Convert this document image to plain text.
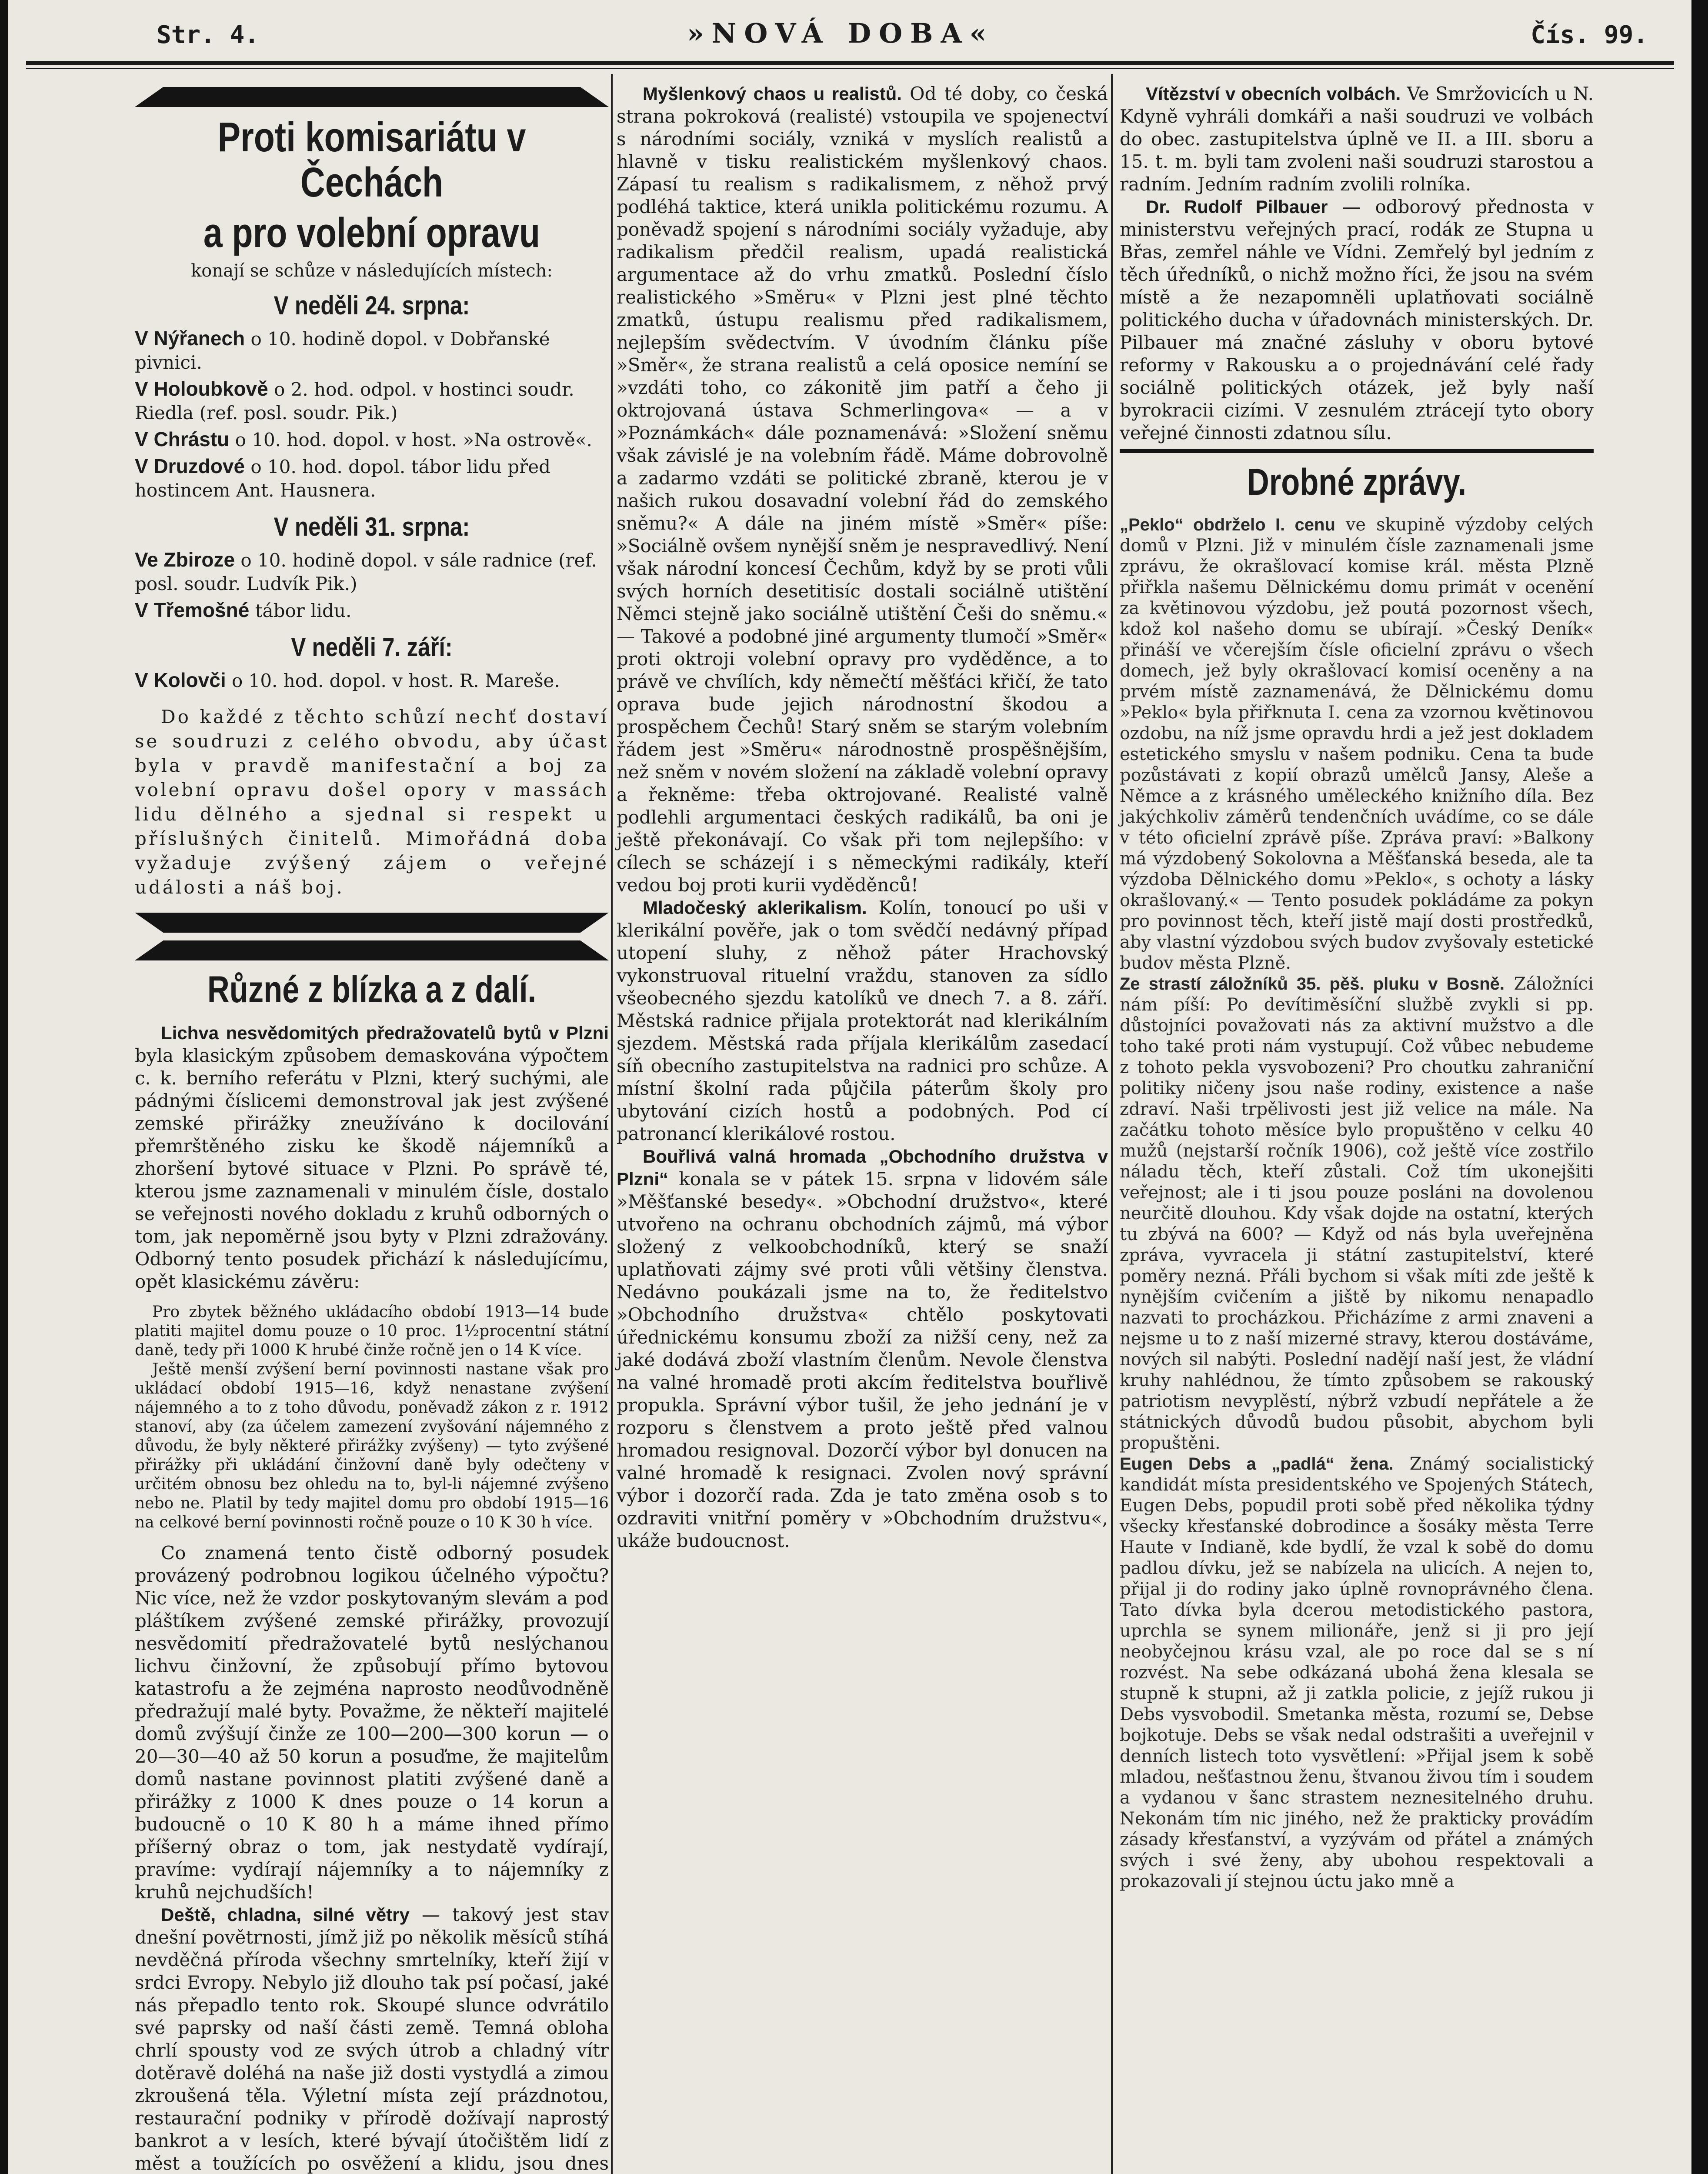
Str. 4.	»NOVÁ DOBA«	Čís. 99.
Proti komisariátu v Čechách
a pro volební opravu
konají se schůze v následujících místech:
V neděli 24. srpna:

V Nýřanech o 10. hodině dopol. v Dobřanské pivnici.

V Holoubkově o 2. hod. odpol. v hostinci soudr. Riedla (ref. posl. soudr. Pik.)

V Chrástu o 10. hod. dopol. v host. »Na ostrově«.

V Druzdové o 10. hod. dopol. tábor lidu před hostincem Ant. Hausnera.

V neděli 31. srpna:

Ve Zbiroze o 10. hodině dopol. v sále radnice (ref. posl. soudr. Ludvík Pik.)

V Třemošné tábor lidu.

V neděli 7. září:

V Kolovči o 10. hod. dopol. v host. R. Mareše.

Do každé z těchto schůzí nechť dostaví se soudruzi z celého obvodu, aby účast byla v pravdě manifestační a boj za volební opravu došel opory v massách lidu dělného a sjednal si respekt u příslušných činitelů. Mimořádná doba vyžaduje zvýšený zájem o veřejné události a náš boj.

Různé z blízka a z dalí.

Lichva nesvědomitých předražovatelů bytů v Plzni byla klasickým způsobem demaskována výpočtem c. k. berního referátu v Plzni, který suchými, ale pádnými číslicemi demonstroval jak jest zvýšené zemské přirážky zneužíváno k docilování přemrštěného zisku ke škodě nájemníků a zhoršení bytové situace v Plzni. Po správě té, kterou jsme zaznamenali v minulém čísle, dostalo se veřejnosti nového dokladu z kruhů odborných o tom, jak nepoměrně jsou byty v Plzni zdražovány. Odborný tento posudek přichází k následujícímu, opět klasickému závěru:

Pro zbytek běžného ukládacího období 1913—14 bude platiti majitel domu pouze o 10 proc. 1½procentní státní daně, tedy při 1000 K hrubé činže ročně jen o 14 K více.

Ještě menší zvýšení berní povinnosti nastane však pro ukládací období 1915—16, když nenastane zvýšení nájemného a to z toho důvodu, poněvadž zákon z r. 1912 stanoví, aby (za účelem zamezení zvyšování nájemného z důvodu, že byly některé přirážky zvýšeny) — tyto zvýšené přirážky při ukládání činžovní daně byly odečteny v určitém obnosu bez ohledu na to, byl-li nájemné zvýšeno nebo ne. Platil by tedy majitel domu pro období 1915—16 na celkové berní povinnosti ročně pouze o 10 K 30 h více.

Co znamená tento čistě odborný posudek provázený podrobnou logikou účelného výpočtu? Nic více, než že vzdor poskytovaným slevám a pod pláštíkem zvýšené zemské přirážky, provozují nesvědomití předražovatelé bytů neslýchanou lichvu činžovní, že způsobují přímo bytovou katastrofu a že zejména naprosto neodůvodněně předražují malé byty. Považme, že někteří majitelé domů zvýšují činže ze 100—200—300 korun — o 20—30—40 až 50 korun a posuďme, že majitelům domů nastane povinnost platiti zvýšené daně a přirážky z 1000 K dnes pouze o 14 korun a budoucně o 10 K 80 h a máme ihned přímo příšerný obraz o tom, jak nestydatě vydírají, pravíme: vydírají nájemníky a to nájemníky z kruhů nejchudších!

Deště, chladna, silné větry — takový jest stav dnešní povětrnosti, jímž již po několik měsíců stíhá nevděčná příroda všechny smrtelníky, kteří žijí v srdci Evropy. Nebylo již dlouho tak psí počasí, jaké nás přepadlo tento rok. Skoupé slunce odvrátilo své paprsky od naší části země. Temná obloha chrlí spousty vod ze svých útrob a chladný vítr dotěravě doléhá na naše již dosti vystydlá a zimou zkroušená těla. Výletní místa zejí prázdnotou, restaurační podniky v přírodě dožívají naprostý bankrot a v lesích, které bývají útočištěm lidí z měst a toužících po osvěžení a klidu, jsou dnes

Myšlenkový chaos u realistů. Od té doby, co česká strana pokroková (realisté) vstoupila ve spojenectví s národními sociály, vzniká v myslích realistů a hlavně v tisku realistickém myšlenkový chaos. Zápasí tu realism s radikalismem, z něhož prvý podléhá taktice, která unikla politickému rozumu. A poněvadž spojení s národními sociály vyžaduje, aby radikalism předčil realism, upadá realistická argumentace až do vrhu zmatků. Poslední číslo realistického »Směru« v Plzni jest plné těchto zmatků, ústupu realismu před radikalismem, nejlepším svědectvím. V úvodním článku píše »Směr«, že strana realistů a celá oposice nemíní se »vzdáti toho, co zákonitě jim patří a čeho ji oktrojovaná ústava Schmerlingova« — a v »Poznámkách« dále poznamenává: »Složení sněmu však závislé je na volebním řádě. Máme dobrovolně a zadarmo vzdáti se politické zbraně, kterou je v našich rukou dosavadní volební řád do zemského sněmu?« A dále na jiném místě »Směr« píše: »Sociálně ovšem nynější sněm je nespravedlivý. Není však národní koncesí Čechům, když by se proti vůli svých horních desetitisíc dostali sociálně utištění Němci stejně jako sociálně utištění Češi do sněmu.« — Takové a podobné jiné argumenty tlumočí »Směr« proti oktroji volební opravy pro vyděděnce, a to právě ve chvílích, kdy němečtí měšťáci křičí, že tato oprava bude jejich národnostní škodou a prospěchem Čechů! Starý sněm se starým volebním řádem jest »Směru« národnostně prospěšnějším, než sněm v novém složení na základě volební opravy a řekněme: třeba oktrojované. Realisté valně podlehli argumentaci českých radikálů, ba oni je ještě překonávají. Co však při tom nejlepšího: v cílech se scházejí i s německými radikály, kteří vedou boj proti kurii vyděděnců!

Mladočeský aklerikalism. Kolín, tonoucí po uši v klerikální pověře, jak o tom svědčí nedávný případ utopení sluhy, z něhož páter Hrachovský vykonstruoval rituelní vraždu, stanoven za sídlo všeobecného sjezdu katolíků ve dnech 7. a 8. září. Městská radnice přijala protektorát nad klerikálním sjezdem. Městská rada příjala klerikálům zasedací síň obecního zastupitelstva na radnici pro schůze. A místní školní rada půjčila páterům školy pro ubytování cizích hostů a podobných. Pod cí patronancí klerikálové rostou.

Bouřlivá valná hromada „Obchodního družstva v Plzni“ konala se v pátek 15. srpna v lidovém sále »Měšťanské besedy«. »Obchodní družstvo«, které utvořeno na ochranu obchodních zájmů, má výbor složený z velkoobchodníků, který se snaží uplatňovati zájmy své proti vůli většiny členstva. Nedávno poukázali jsme na to, že ředitelstvo »Obchodního družstva« chtělo poskytovati úřednickému konsumu zboží za nižší ceny, než za jaké dodává zboží vlastním členům. Nevole členstva na valné hromadě proti akcím ředitelstva bouřlivě propukla. Správní výbor tušil, že jeho jednání je v rozporu s členstvem a proto ještě před valnou hromadou resignoval. Dozorčí výbor byl donucen na valné hromadě k resignaci. Zvolen nový správní výbor i dozorčí rada. Zda je tato změna osob s to ozdraviti vnitřní poměry v »Obchodním družstvu«, ukáže budoucnost.

Vítězství v obecních volbách. Ve Smržovicích u N. Kdyně vyhráli domkáři a naši soudruzi ve volbách do obec. zastupitelstva úplně ve II. a III. sboru a 15. t. m. byli tam zvoleni naši soudruzi starostou a radním. Jedním radním zvolili rolníka.

Dr. Rudolf Pilbauer — odborový přednosta v ministerstvu veřejných prací, rodák ze Stupna u Břas, zemřel náhle ve Vídni. Zemřelý byl jedním z těch úředníků, o nichž možno říci, že jsou na svém místě a že nezapomněli uplatňovati sociálně politického ducha v úřadovnách ministerských. Dr. Pilbauer má značné zásluhy v oboru bytové reformy v Rakousku a o projednávání celé řady sociálně politických otázek, jež byly naší byrokracii cizími. V zesnulém ztrácejí tyto obory veřejné činnosti zdatnou sílu.

Drobné zprávy.

„Peklo“ obdrželo I. cenu ve skupině výzdoby celých domů v Plzni. Již v minulém čísle zaznamenali jsme zprávu, že okrašlovací komise král. města Plzně přiřkla našemu Dělnickému domu primát v ocenění za květinovou výzdobu, jež poutá pozornost všech, kdož kol našeho domu se ubírají. »Český Deník« přináší ve včerejším čísle oficielní zprávu o všech domech, jež byly okrašlovací komisí oceněny a na prvém místě zaznamenává, že Dělnickému domu »Peklo« byla přiřknuta I. cena za vzornou květinovou ozdobu, na níž jsme opravdu hrdi a jež jest dokladem estetického smyslu v našem podniku. Cena ta bude pozůstávati z kopií obrazů umělců Jansy, Aleše a Němce a z krásného uměleckého knižního díla. Bez jakýchkoliv záměrů tendenčních uvádíme, co se dále v této oficielní zprávě píše. Zpráva praví: »Balkony má výzdobený Sokolovna a Měšťanská beseda, ale ta výzdoba Dělnického domu »Peklo«, s ochoty a lásky okrašlovaný.« — Tento posudek pokládáme za pokyn pro povinnost těch, kteří jistě mají dosti prostředků, aby vlastní výzdobou svých budov zvyšovaly estetické budov města Plzně.

Ze strastí záložníků 35. pěš. pluku v Bosně. Záložníci nám píší: Po devítiměsíční službě zvykli si pp. důstojníci považovati nás za aktivní mužstvo a dle toho také proti nám vystupují. Což vůbec nebudeme z tohoto pekla vysvobozeni? Pro choutku zahraniční politiky ničeny jsou naše rodiny, existence a naše zdraví. Naši trpělivosti jest již velice na mále. Na začátku tohoto měsíce bylo propuštěno v celku 40 mužů (nejstarší ročník 1906), což ještě více zostřilo náladu těch, kteří zůstali. Což tím ukonejšiti veřejnost; ale i ti jsou pouze posláni na dovolenou neurčitě dlouhou. Kdy však dojde na ostatní, kterých tu zbývá na 600? — Když od nás byla uveřejněna zpráva, vyvracela ji státní zastupitelství, které poměry nezná. Přáli bychom si však míti zde ještě k nynějším cvičením a jiště by nikomu nenapadlo nazvati to procházkou. Přicházíme z armi znaveni a nejsme u to z naší mizerné stravy, kterou dostáváme, nových sil nabýti. Poslední nadějí naší jest, že vládní kruhy nahlédnou, že tímto způsobem se rakouský patriotism nevyplěstí, nýbrž vzbudí nepřátele a že státnických důvodů budou působit, abychom byli propuštěni.

Eugen Debs a „padlá“ žena. Známý socialistický kandidát místa presidentského ve Spojených Státech, Eugen Debs, popudil proti sobě před několika týdny všecky křesťanské dobrodince a šosáky města Terre Haute v Indianě, kde bydlí, že vzal k sobě do domu padlou dívku, jež se nabízela na ulicích. A nejen to, přijal ji do rodiny jako úplně rovnoprávného člena. Tato dívka byla dcerou metodistického pastora, uprchla se synem milionáře, jenž si ji pro její neobyčejnou krásu vzal, ale po roce dal se s ní rozvést. Na sebe odkázaná ubohá žena klesala se stupně k stupni, až ji zatkla policie, z jejíž rukou ji Debs vysvobodil. Smetanka města, rozumí se, Debse bojkotuje. Debs se však nedal odstrašiti a uveřejnil v denních listech toto vysvětlení: »Přijal jsem k sobě mladou, nešťastnou ženu, štvanou živou tím i soudem a vydanou v šanc strastem neznesitelného druhu. Nekonám tím nic jiného, než že prakticky provádím zásady křesťanství, a vyzývám od přátel a známých svých i své ženy, aby ubohou respektovali a prokazovali jí stejnou úctu jako mně a
